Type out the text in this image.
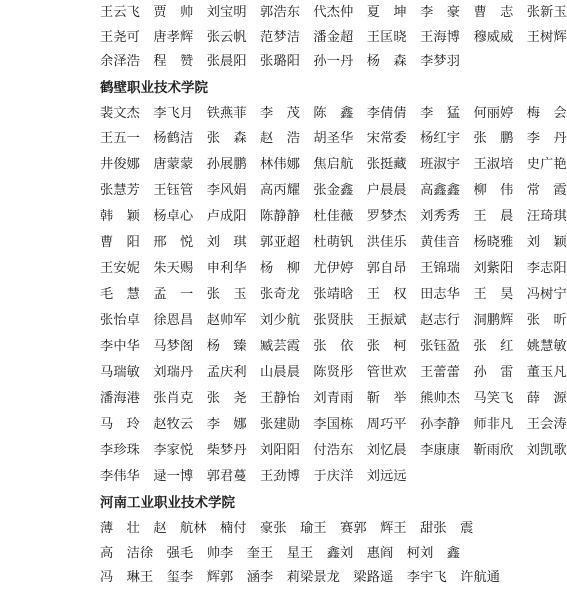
王云飞　贾　帅　刘宝明　郭浩东　代杰仲　夏　坤　李　豪　曹　志　张新玉
王尧可　唐孝辉　张云帆　范梦洁　潘金超　王匡晓　王海博　穆威威　王树辉
余泽浩　程　赞　张晨阳　张璐阳　孙一丹　杨　森　李梦羽
鹤壁职业技术学院
裴文杰　李飞月　铁燕菲　李　茂　陈　鑫　李倩倩　李　猛　何丽婷　梅　会
王五一　杨鹤洁　张　森　赵　浩　胡圣华　宋常委　杨红宇　张　鹏　李　丹
井俊娜　唐蒙蒙　孙展鹏　林伟娜　焦启航　张挺藏　班淑宇　王淑培　史广艳
张慧芳　王钰管　李风娟　高丙耀　张金鑫　户晨晨　高鑫鑫　柳　伟　常　霞
韩　颖　杨卓心　卢成阳　陈静静　杜佳薇　罗梦杰　刘秀秀　王　晨　汪琦琪
曹　阳　邢　悦　刘　琪　郭亚超　杜萌钒　洪佳乐　黄佳音　杨晓雅　刘　颖
王安妮　朱天赐　申利华　杨　柳　尤伊婷　郭自昂　王锦瑞　刘紫阳　李志阳
毛　慧　孟　一　张　玉　张奇龙　张靖晗　王　权　田志华　王　昊　冯树宁
张怡卓　徐恩昌　赵帅军　刘少航　张贤肤　王振斌　赵志行　洞鹏辉　张　昕
李中华　马梦阁　杨　臻　臧芸霞　张　依　张　柯　张钰盈　张　红　姚慧敏
马瑞敏　刘瑞丹　孟庆利　山晨晨　陈贤彤　管世欢　王蕾蕾　孙　雷　董玉凡
潘海港　张肖克　张　尧　王静怡　刘青雨　靳　举　熊帅杰　马笑飞　薛　源
马　玲　赵牧云　李　娜　张建勋　李国栋　周巧平　孙李静　师非凡　王会涛
李珍珠　李家悦　柴梦丹　刘阳阳　付浩东　刘忆晨　李康康　靳雨欣　刘凯歌
李伟华　逯一博　郭君蔓　王劲博　于庆洋　刘远远
河南工业职业技术学院
薄　壮　赵　航林　楠付　豪张　瑜王　赛郭　辉王　甜张　震
高　洁徐　强毛　帅李　奎王　星王　鑫刘　惠阎　柯刘　鑫
冯　琳王　玺李　辉郭　涵李　莉梁景龙　梁路遥　李宇飞　许航通
